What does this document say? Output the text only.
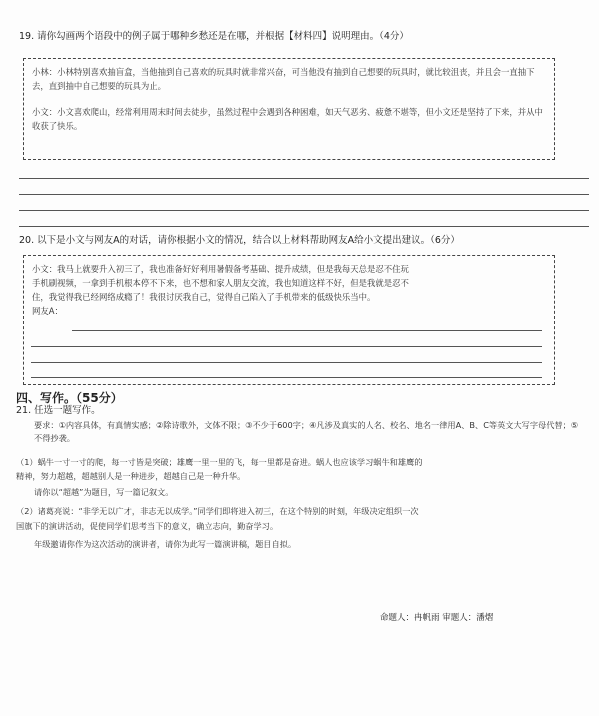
19. 请你勾画两个语段中的例子属于哪种乡愁还是在哪，并根据【材料四】说明理由。（4分）

小林：小林特别喜欢抽盲盒，当他抽到自己喜欢的玩具时就非常兴奋，可当他没有抽到自己想要的玩具时，就比较沮丧，并且会一直抽下去，直到抽中自己想要的玩具为止。

小文：小文喜欢爬山，经常利用周末时间去徒步，虽然过程中会遇到各种困难，如天气恶劣、疲惫不堪等，但小文还是坚持了下来，并从中收获了快乐。

20. 以下是小文与网友A的对话，请你根据小文的情况，结合以上材料帮助网友A给小文提出建议。（6分）

小文：我马上就要升入初三了，我也准备好好利用暑假备考基础、提升成绩，但是我每天总是忍不住玩

手机刷视频，一拿到手机根本停不下来，也不想和家人朋友交流，我也知道这样不好，但是我就是忍不

住，我觉得我已经网络成瘾了！我很讨厌我自己，觉得自己陷入了手机带来的低级快乐当中。

网友A：

四、写作。（55分）
21. 任选一题写作。
要求：①内容具体，有真情实感；②除诗歌外，文体不限；③不少于600字；④凡涉及真实的人名、校名、地名一律用A、B、C等英文大写字母代替；⑤不得抄袭。
（1）蜗牛一寸一寸的爬，每一寸皆是突破；雄鹰一里一里的飞，每一里都是奋进。蜗人也应该学习蜗牛和雄鹰的
精神，努力超越，超越别人是一种进步，超越自己是一种升华。
请你以“超越”为题目，写一篇记叙文。
（2）诸葛亮说：“非学无以广才，非志无以成学。”同学们即将进入初三，在这个特别的时刻，年级决定组织一次
国旗下的演讲活动，促使同学们思考当下的意义，确立志向，勤奋学习。
年级邀请你作为这次活动的演讲者，请你为此写一篇演讲稿，题目自拟。
命题人：冉帆雨 审题人：潘熠
